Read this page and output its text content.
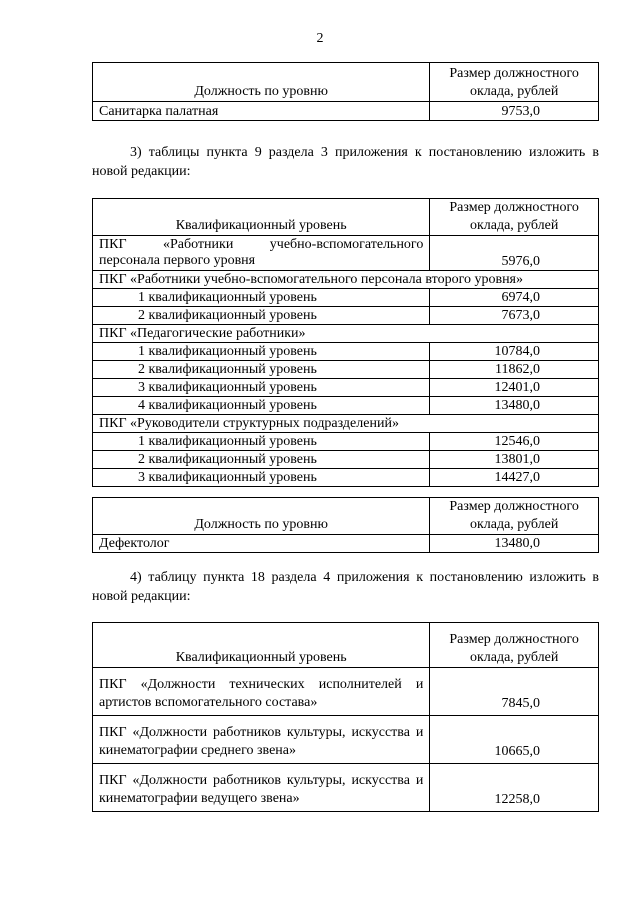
2
Должность по уровню	Размер должностного оклада, рублей
Санитарка палатная	9753,0
3) таблицы пункта 9 раздела 3 приложения к постановлению изложить в новой редакции:
Квалификационный уровень	Размер должностного оклада, рублей

ПКГ «Работники учебно-вспомогательного
персонала первого уровня	5976,0
ПКГ «Работники учебно-вспомогательного персонала второго уровня»	
1 квалификационный уровень	6974,0
2 квалификационный уровень	7673,0
ПКГ «Педагогические работники»	
1 квалификационный уровень	10784,0
2 квалификационный уровень	11862,0
3 квалификационный уровень	12401,0
4 квалификационный уровень	13480,0
ПКГ «Руководители структурных подразделений»	
1 квалификационный уровень	12546,0
2 квалификационный уровень	13801,0
3 квалификационный уровень	14427,0
Должность по уровню	Размер должностного оклада, рублей
Дефектолог	13480,0
4) таблицу пункта 18 раздела 4 приложения к постановлению изложить в новой редакции:
Квалификационный уровень	Размер должностного оклада, рублей

ПКГ «Должности технических исполнителей и
артистов вспомогательного состава»	7845,0

ПКГ «Должности работников культуры, искусства и
кинематографии среднего звена»	10665,0

ПКГ «Должности работников культуры, искусства и
кинематографии ведущего звена»	12258,0
